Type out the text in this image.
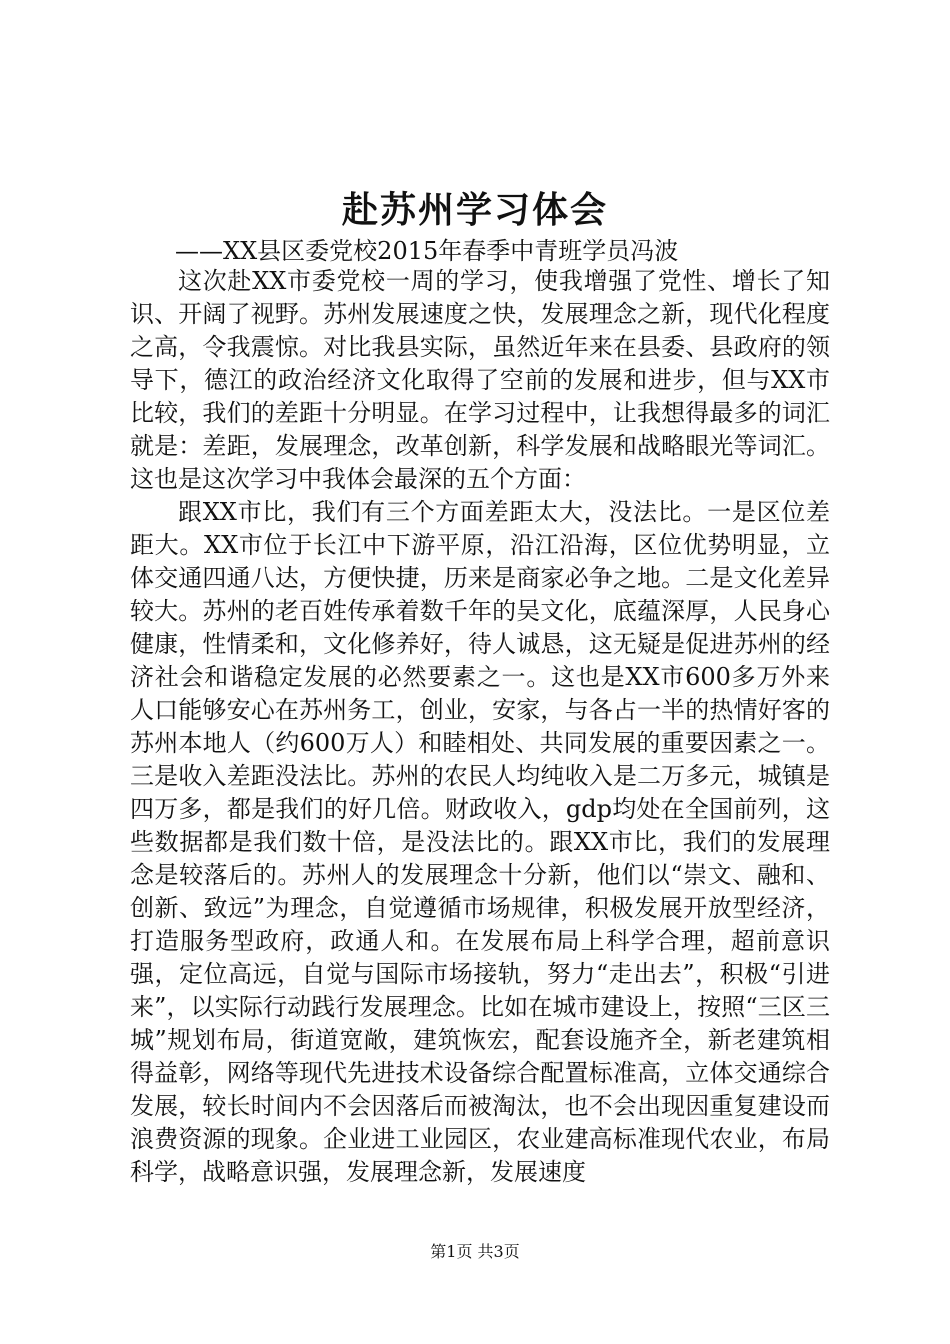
赴苏州学习体会
——XX县区委党校2015年春季中青班学员冯波

这次赴XX市委党校一周的学习，使我增强了党性、增长了知识、开阔了视野。苏州发展速度之快，发展理念之新，现代化程度之高，令我震惊。对比我县实际，虽然近年来在县委、县政府的领导下，德江的政治经济文化取得了空前的发展和进步，但与XX市比较，我们的差距十分明显。在学习过程中，让我想得最多的词汇就是：差距，发展理念，改革创新，科学发展和战略眼光等词汇。这也是这次学习中我体会最深的五个方面：

跟XX市比，我们有三个方面差距太大，没法比。一是区位差距大。XX市位于长江中下游平原，沿江沿海，区位优势明显，立体交通四通八达，方便快捷，历来是商家必争之地。二是文化差异较大。苏州的老百姓传承着数千年的吴文化，底蕴深厚，人民身心健康，性情柔和，文化修养好，待人诚恳，这无疑是促进苏州的经济社会和谐稳定发展的必然要素之一。这也是XX市600多万外来人口能够安心在苏州务工，创业，安家，与各占一半的热情好客的苏州本地人（约600万人）和睦相处、共同发展的重要因素之一。三是收入差距没法比。苏州的农民人均纯收入是二万多元，城镇是四万多，都是我们的好几倍。财政收入，gdp均处在全国前列，这些数据都是我们数十倍，是没法比的。跟XX市比，我们的发展理念是较落后的。苏州人的发展理念十分新，他们以“崇文、融和、创新、致远”为理念，自觉遵循市场规律，积极发展开放型经济，打造服务型政府，政通人和。在发展布局上科学合理，超前意识强，定位高远，自觉与国际市场接轨，努力“走出去”，积极“引进来”，以实际行动践行发展理念。比如在城市建设上，按照“三区三城”规划布局，街道宽敞，建筑恢宏，配套设施齐全，新老建筑相得益彰，网络等现代先进技术设备综合配置标准高，立体交通综合发展，较长时间内不会因落后而被淘汰，也不会出现因重复建设而浪费资源的现象。企业进工业园区，农业建高标准现代农业，布局科学，战略意识强，发展理念新，发展速度

第1页 共3页
